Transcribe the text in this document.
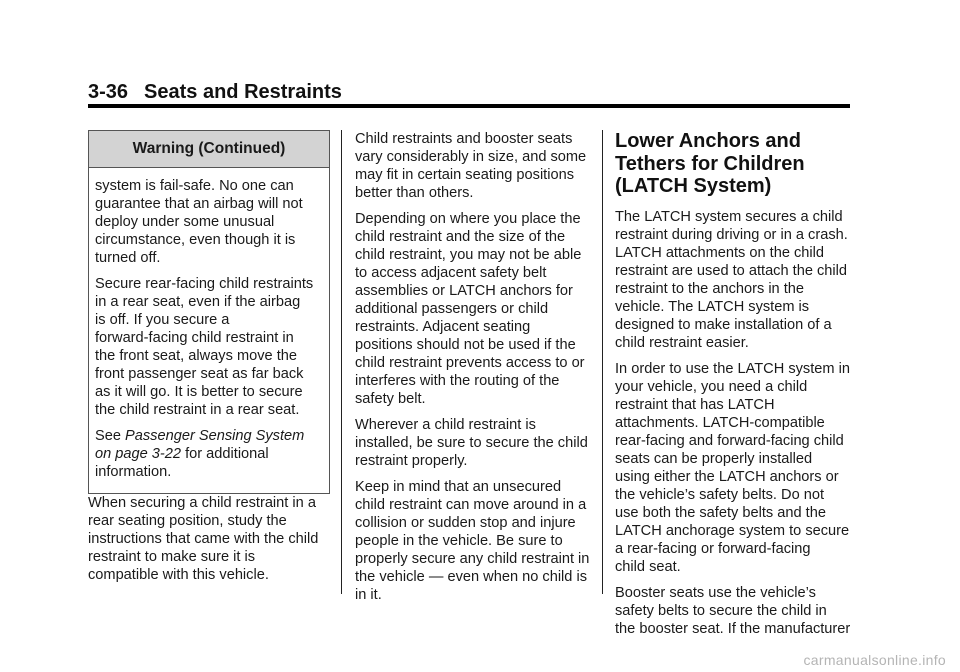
3-36 Seats and Restraints
Warning (Continued)

system is fail-safe. No one can
guarantee that an airbag will not
deploy under some unusual
circumstance, even though it is
turned off.

Secure rear-facing child restraints
in a rear seat, even if the airbag
is off. If you secure a
forward-facing child restraint in
the front seat, always move the
front passenger seat as far back
as it will go. It is better to secure
the child restraint in a rear seat.

See Passenger Sensing System
on page 3-22 for additional
information.

When securing a child restraint in a
rear seating position, study the
instructions that came with the child
restraint to make sure it is
compatible with this vehicle.

Child restraints and booster seats
vary considerably in size, and some
may fit in certain seating positions
better than others.

Depending on where you place the
child restraint and the size of the
child restraint, you may not be able
to access adjacent safety belt
assemblies or LATCH anchors for
additional passengers or child
restraints. Adjacent seating
positions should not be used if the
child restraint prevents access to or
interferes with the routing of the
safety belt.

Wherever a child restraint is
installed, be sure to secure the child
restraint properly.

Keep in mind that an unsecured
child restraint can move around in a
collision or sudden stop and injure
people in the vehicle. Be sure to
properly secure any child restraint in
the vehicle — even when no child is
in it.

Lower Anchors and
Tethers for Children
(LATCH System)

The LATCH system secures a child
restraint during driving or in a crash.
LATCH attachments on the child
restraint are used to attach the child
restraint to the anchors in the
vehicle. The LATCH system is
designed to make installation of a
child restraint easier.

In order to use the LATCH system in
your vehicle, you need a child
restraint that has LATCH
attachments. LATCH-compatible
rear-facing and forward-facing child
seats can be properly installed
using either the LATCH anchors or
the vehicle’s safety belts. Do not
use both the safety belts and the
LATCH anchorage system to secure
a rear-facing or forward-facing
child seat.

Booster seats use the vehicle’s
safety belts to secure the child in
the booster seat. If the manufacturer

carmanualsonline.info
